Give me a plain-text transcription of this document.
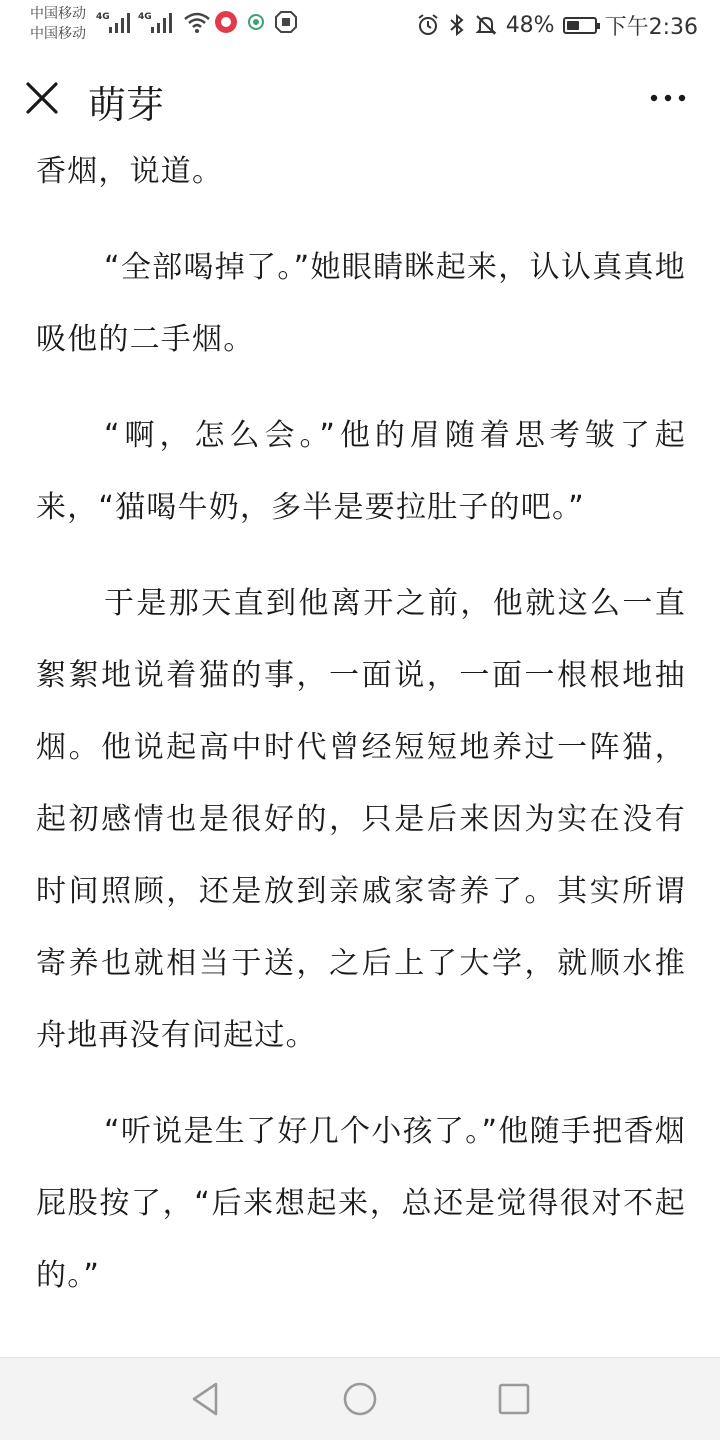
中国移动
中国移动
4G	4G	48% 下午2:36
萌芽

香烟，说道。

“全部喝掉了。”她眼睛眯起来，认认真真地吸他的二手烟。

“啊，怎么会。”他的眉随着思考皱了起来，“猫喝牛奶，多半是要拉肚子的吧。”

于是那天直到他离开之前，他就这么一直絮絮地说着猫的事，一面说，一面一根根地抽烟。他说起高中时代曾经短短地养过一阵猫，起初感情也是很好的，只是后来因为实在没有时间照顾，还是放到亲戚家寄养了。其实所谓寄养也就相当于送，之后上了大学，就顺水推舟地再没有问起过。

“听说是生了好几个小孩了。”他随手把香烟屁股按了，“后来想起来，总还是觉得很对不起的。”
